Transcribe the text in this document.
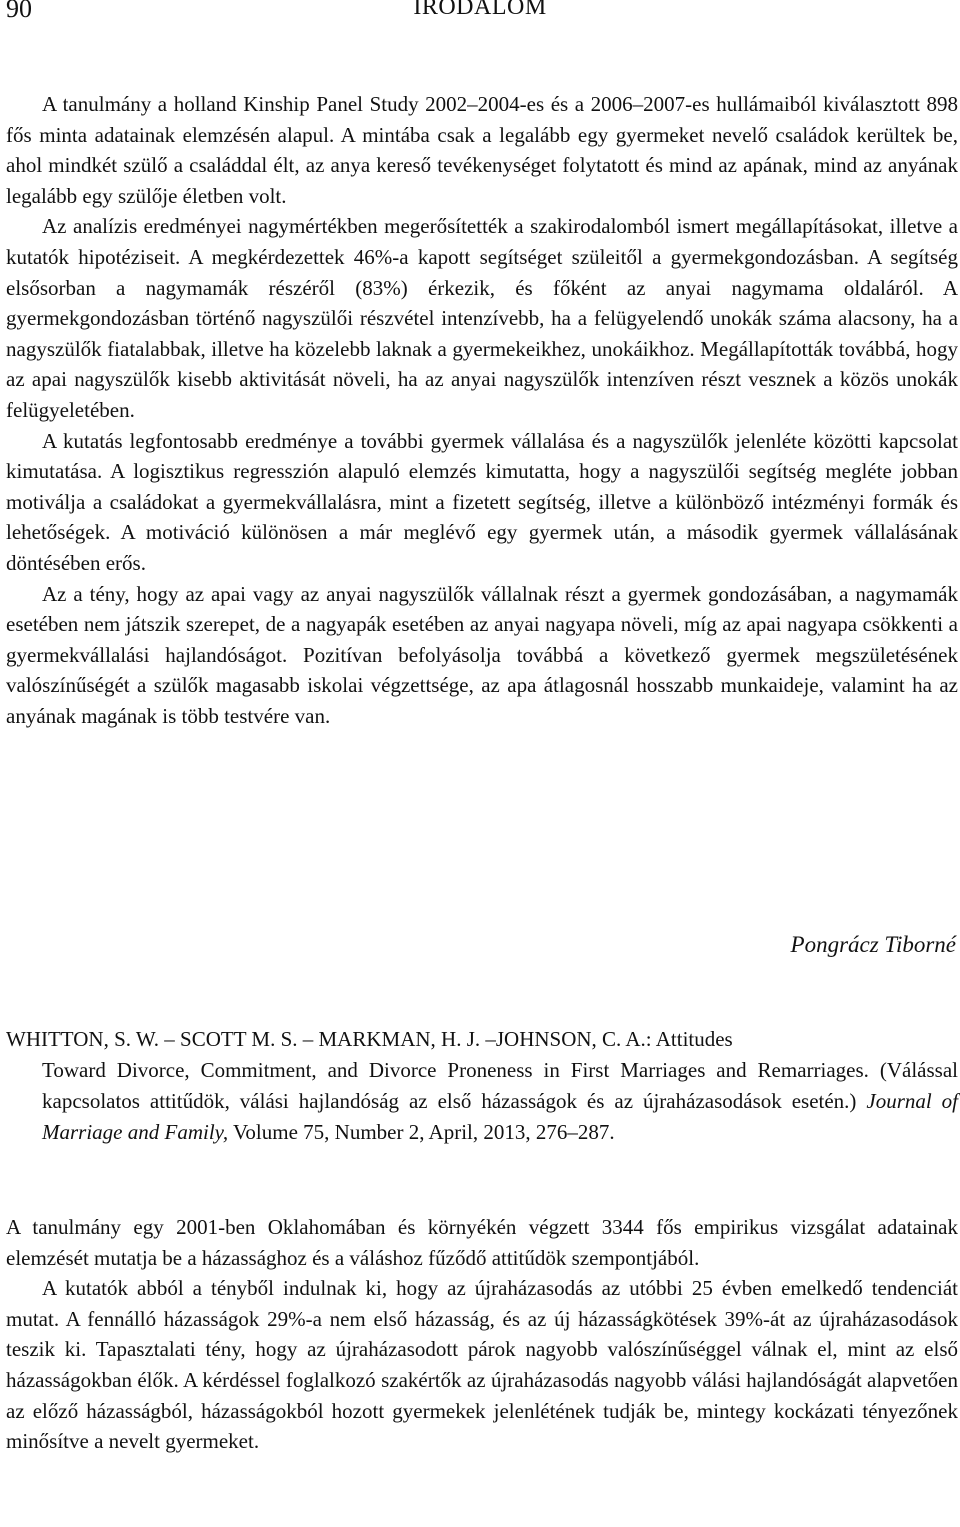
90	IRODALOM

A tanulmány a holland Kinship Panel Study 2002–2004-es és a 2006–2007-es hullámaiból kiválasztott 898 fős minta adatainak elemzésén alapul. A mintába csak a legalább egy gyermeket nevelő családok kerültek be, ahol mindkét szülő a családdal élt, az anya kereső tevékenységet folytatott és mind az apának, mind az anyának legalább egy szülője életben volt.

Az analízis eredményei nagymértékben megerősítették a szakirodalomból ismert megállapításokat, illetve a kutatók hipotéziseit. A megkérdezettek 46%-a kapott segítséget szüleitől a gyermekgondozásban. A segítség elsősorban a nagymamák részéről (83%) érkezik, és főként az anyai nagymama oldaláról. A gyermekgondozásban történő nagyszülői részvétel intenzívebb, ha a felügyelendő unokák száma alacsony, ha a nagyszülők fiatalabbak, illetve ha közelebb laknak a gyermekeikhez, unokáikhoz. Megállapították továbbá, hogy az apai nagyszülők kisebb aktivitását növeli, ha az anyai nagyszülők intenzíven részt vesznek a közös unokák felügyeletében.

A kutatás legfontosabb eredménye a további gyermek vállalása és a nagyszülők jelenléte közötti kapcsolat kimutatása. A logisztikus regresszión alapuló elemzés kimutatta, hogy a nagyszülői segítség megléte jobban motiválja a családokat a gyermekvállalásra, mint a fizetett segítség, illetve a különböző intézményi formák és lehetőségek. A motiváció különösen a már meglévő egy gyermek után, a második gyermek vállalásának döntésében erős.

Az a tény, hogy az apai vagy az anyai nagyszülők vállalnak részt a gyermek gondozásában, a nagymamák esetében nem játszik szerepet, de a nagyapák esetében az anyai nagyapa növeli, míg az apai nagyapa csökkenti a gyermekvállalási hajlandóságot. Pozitívan befolyásolja továbbá a következő gyermek megszületésének valószínűségét a szülők magasabb iskolai végzettsége, az apa átlagosnál hosszabb munkaideje, valamint ha az anyának magának is több testvére van.

Pongrácz Tiborné
WHITTON, S. W. – SCOTT M. S. – MARKMAN, H. J. –JOHNSON, C. A.: Attitudes
Toward Divorce, Commitment, and Divorce Proneness in First Marriages and Remarriages. (Válással kapcsolatos attitűdök, válási hajlandóság az első házasságok és az újraházasodások esetén.) Journal of Marriage and Family, Volume 75, Number 2, April, 2013, 276–287.

A tanulmány egy 2001-ben Oklahomában és környékén végzett 3344 fős empirikus vizsgálat adatainak elemzését mutatja be a házassághoz és a váláshoz fűződő attitűdök szempontjából.

A kutatók abból a tényből indulnak ki, hogy az újraházasodás az utóbbi 25 évben emelkedő tendenciát mutat. A fennálló házasságok 29%-a nem első házasság, és az új házasságkötések 39%-át az újraházasodások teszik ki. Tapasztalati tény, hogy az újraházasodott párok nagyobb valószínűséggel válnak el, mint az első házasságokban élők. A kérdéssel foglalkozó szakértők az újraházasodás nagyobb válási hajlandóságát alapvetően az előző házasságból, házasságokból hozott gyermekek jelenlétének tudják be, mintegy kockázati tényezőnek minősítve a nevelt gyermeket.
